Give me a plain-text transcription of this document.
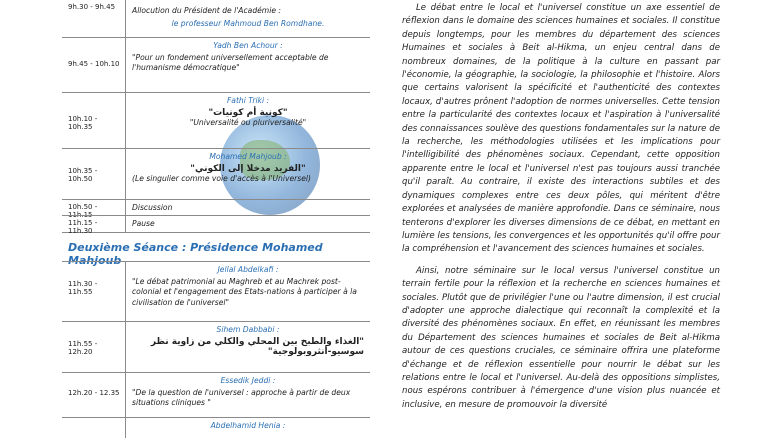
9h.30 - 9h.45	Allocution du Président de l'Académie :
le professeur Mahmoud Ben Romdhane.
9h.45 - 10h.10
Yadh Ben Achour :
"Pour un fondement universellement acceptable de l'humanisme démocratique"
10h.10 - 10h.35
Fathi Triki :
"كونية أم كونيات"
"Universalité ou pluriversalité"
10h.35 - 10h.50
Mohamed Mahjoub :
"الفريد مدخلا إلى الكوني"
(Le singulier comme voie d'accès à l'Universel)
10h.50 - 11h.15
Discussion
11h.15 - 11h.30
Pause
Deuxième Séance : Présidence Mohamed Mahjoub
11h.30 - 11h.55
Jellal Abdelkafi :
"Le débat patrimonial au Maghreb et au Machrek post-colonial et l'engagement des Etats-nations à participer à la civilisation de l'universel"
11h.55 - 12h.20
Sihem Dabbabi :
"الغذاء والطبخ بين المحلي والكلي من زاوية نظر سوسيو-أنثروبولوجية"
12h.20 - 12.35
Essedik Jeddi :
"De la question de l'universel : approche à partir de deux situations cliniques "
Abdelhamid Henia :

Le débat entre le local et l'universel constitue un axe essentiel de réflexion dans le domaine des sciences humaines et sociales. Il constitue depuis longtemps, pour les membres du département des sciences Humaines et sociales à Beit al-Hikma, un enjeu central dans de nombreux domaines, de la politique à la culture en passant par l'économie, la géographie, la sociologie, la philosophie et l'histoire. Alors que certains valorisent la spécificité et l'authenticité des contextes locaux, d'autres prônent l'adoption de normes universelles. Cette tension entre la particularité des contextes locaux et l'aspiration à l'universalité des connaissances soulève des questions fondamentales sur la nature de la recherche, les méthodologies utilisées et les implications pour l'intelligibilité des phénomènes sociaux. Cependant, cette opposition apparente entre le local et l'universel n'est pas toujours aussi tranchée qu'il paraît. Au contraire, il existe des interactions subtiles et des dynamiques complexes entre ces deux pôles, qui méritent d'être explorées et analysées de manière approfondie. Dans ce séminaire, nous tenterons d'explorer les diverses dimensions de ce débat, en mettant en lumière les tensions, les convergences et les opportunités qu'il offre pour la compréhension et l'avancement des sciences humaines et sociales.

Ainsi, notre séminaire sur le local versus l'universel constitue un terrain fertile pour la réflexion et la recherche en sciences humaines et sociales. Plutôt que de privilégier l'une ou l'autre dimension, il est crucial d'adopter une approche dialectique qui reconnaît la complexité et la diversité des phénomènes sociaux. En effet, en réunissant les membres du Département des sciences humaines et sociales de Beit al-Hikma autour de ces questions cruciales, ce séminaire offrira une plateforme d'échange et de réflexion essentielle pour nourrir le débat sur les relations entre le local et l'universel. Au-delà des oppositions simplistes, nous espérons contribuer à l'émergence d'une vision plus nuancée et inclusive, en mesure de promouvoir la diversité
